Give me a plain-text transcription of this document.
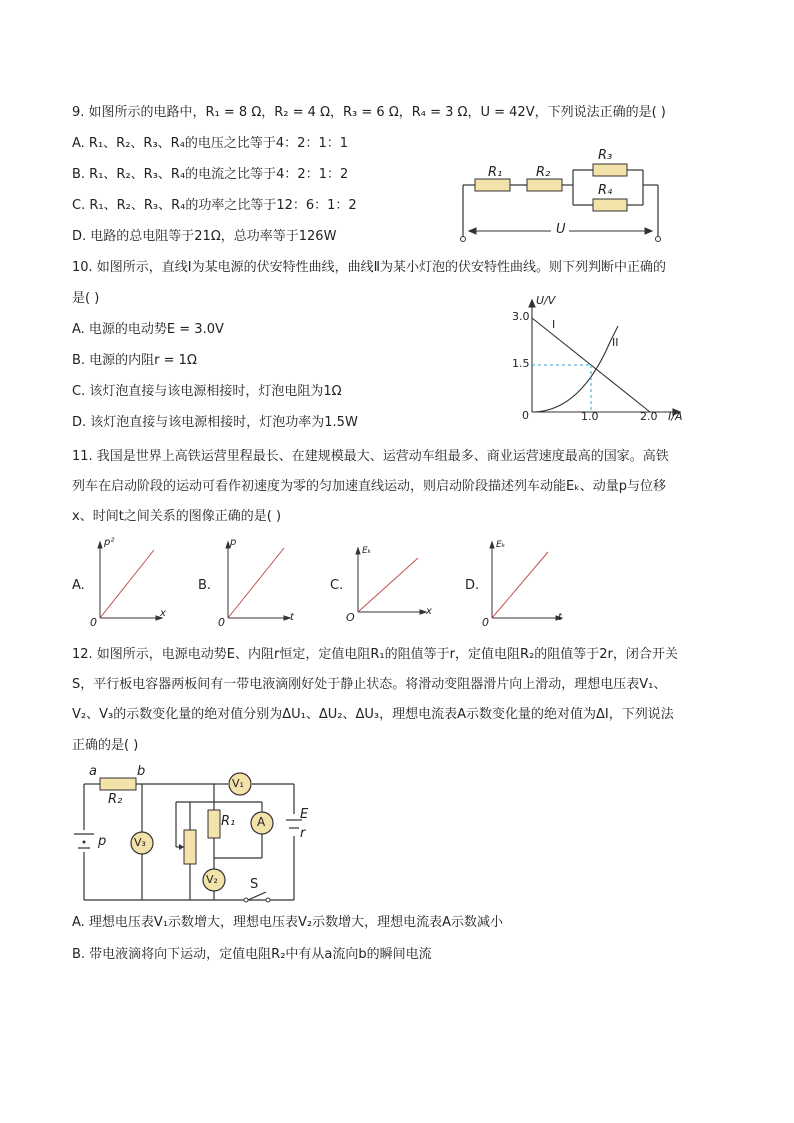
9. 如图所示的电路中，R₁ = 8 Ω，R₂ = 4 Ω，R₃ = 6 Ω，R₄ = 3 Ω，U = 42V，下列说法正确的是( )
A. R₁、R₂、R₃、R₄的电压之比等于4：2：1：1
B. R₁、R₂、R₃、R₄的电流之比等于4：2：1：2
C. R₁、R₂、R₃、R₄的功率之比等于12：6：1：2
D. 电路的总电阻等于21Ω，总功率等于126W
R₁	R₂
R₃
R₄
U
10. 如图所示，直线I为某电源的伏安特性曲线，曲线Ⅱ为某小灯泡的伏安特性曲线。则下列判断中正确的
是( )
A. 电源的电动势E = 3.0V
B. 电源的内阻r = 1Ω
C. 该灯泡直接与该电源相接时，灯泡电阻为1Ω
D. 该灯泡直接与该电源相接时，灯泡功率为1.5W
U/V
I/A
3.0
1.5
1.0	2.0
0
I
II
11. 我国是世界上高铁运营里程最长、在建规模最大、运营动车组最多、商业运营速度最高的国家。高铁
列车在启动阶段的运动可看作初速度为零的匀加速直线运动，则启动阶段描述列车动能Eₖ、动量p与位移
x、时间t之间关系的图像正确的是( )
A.
p²
x
0
B.
p
t
0
C.
Eₖ
x
O
D.
Eₖ
t
0
12. 如图所示，电源电动势E、内阻r恒定，定值电阻R₁的阻值等于r，定值电阻R₂的阻值等于2r，闭合开关
S，平行板电容器两板间有一带电液滴刚好处于静止状态。将滑动变阻器滑片向上滑动，理想电压表V₁、
V₂、V₃的示数变化量的绝对值分别为ΔU₁、ΔU₂、ΔU₃，理想电流表A示数变化量的绝对值为ΔI，下列说法
正确的是( )
a	b
R₂
R₁
p
V₁
V₃
V₂
A	E
r
S
A. 理想电压表V₁示数增大，理想电压表V₂示数增大，理想电流表A示数减小
B. 带电液滴将向下运动，定值电阻R₂中有从a流向b的瞬间电流
